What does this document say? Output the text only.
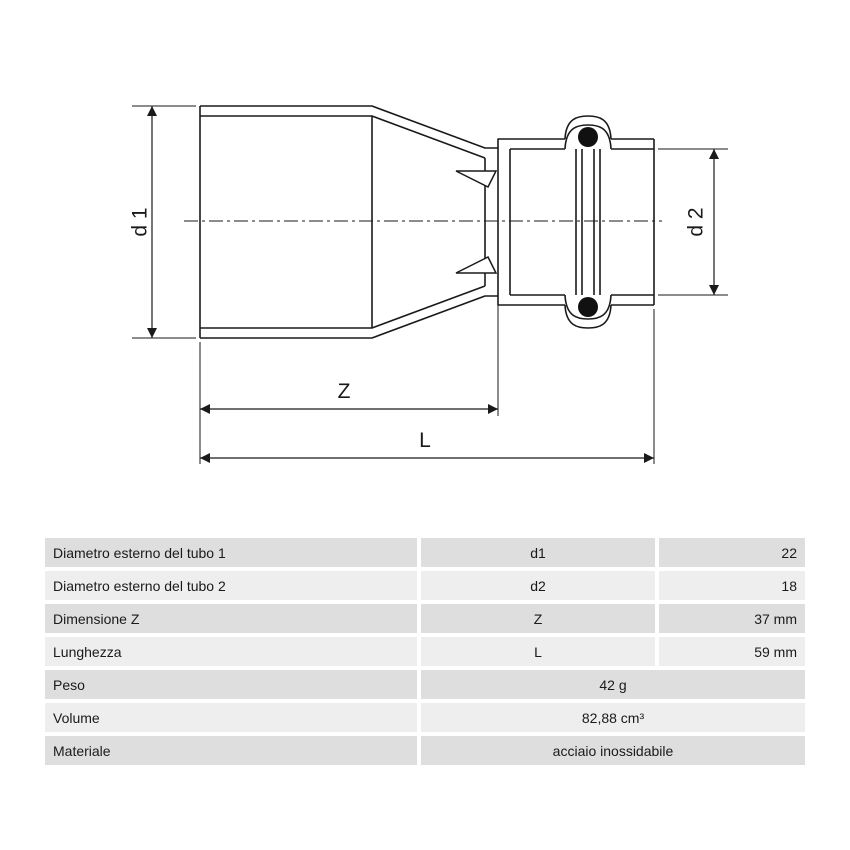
d 1	d 2
Z
L
Diametro esterno del tubo 1	d1	22
Diametro esterno del tubo 2	d2	18
Dimensione Z	Z	37 mm
Lunghezza	L	59 mm
Peso	42 g	
Volume	82,88 cm³	
Materiale	acciaio inossidabile	
